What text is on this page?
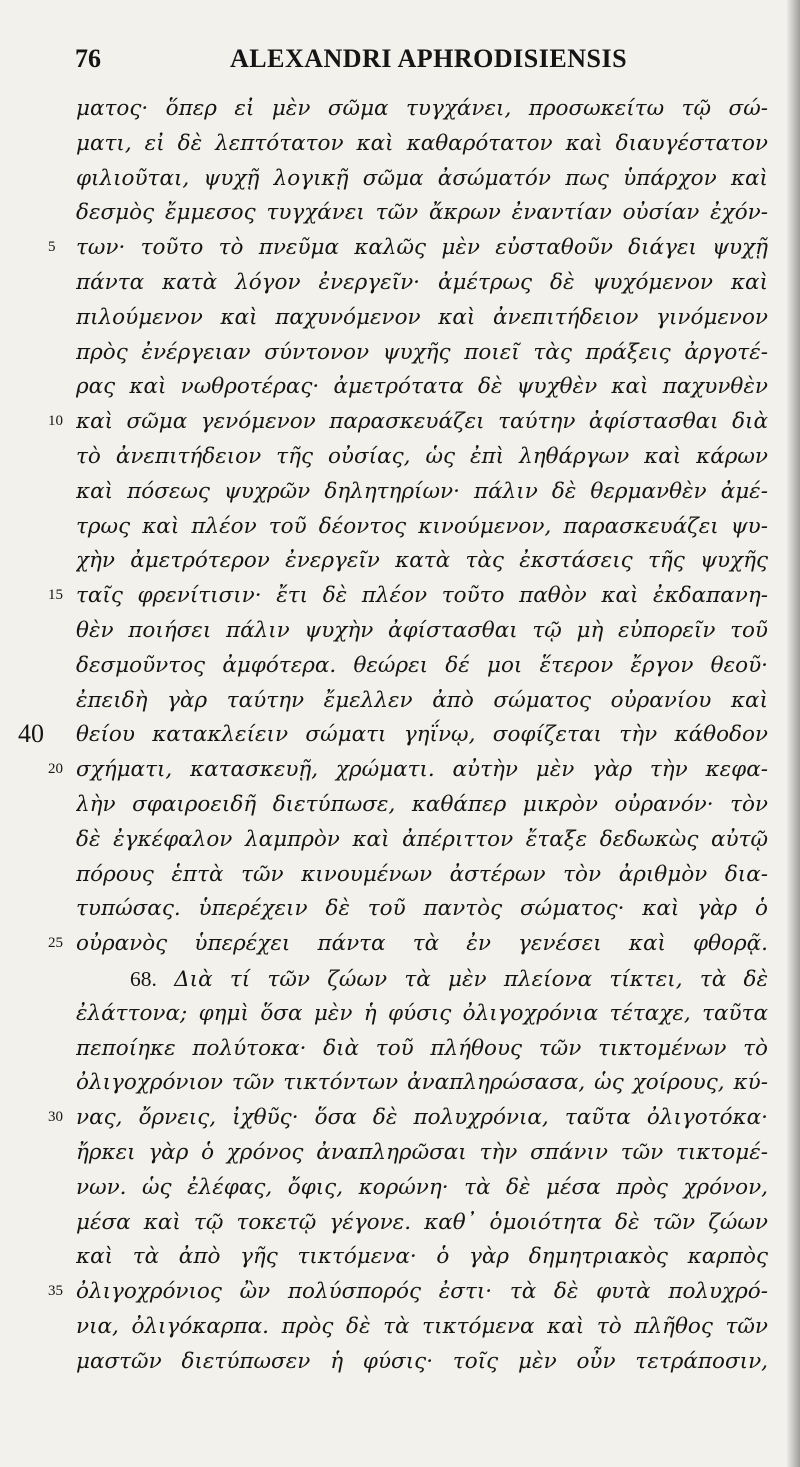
76	ALEXANDRI APHRODISIENSIS
ματος· ὅπερ εἰ μὲν σῶμα τυγχάνει, προσωκείτω τῷ σώ-
ματι, εἰ δὲ λεπτότατον καὶ καθαρότατον καὶ διαυγέστατον
φιλιοῦται, ψυχῇ λογικῇ σῶμα ἀσώματόν πως ὑπάρχον καὶ
δεσμὸς ἔμμεσος τυγχάνει τῶν ἄκρων ἐναντίαν οὐσίαν ἐχόν-
5 των· τοῦτο τὸ πνεῦμα καλῶς μὲν εὐσταθοῦν διάγει ψυχῇ
πάντα κατὰ λόγον ἐνεργεῖν· ἀμέτρως δὲ ψυχόμενον καὶ
πιλούμενον καὶ παχυνόμενον καὶ ἀνεπιτήδειον γινόμενον
πρὸς ἐνέργειαν σύντονον ψυχῆς ποιεῖ τὰς πράξεις ἀργοτέ-
ρας καὶ νωθροτέρας· ἀμετρότατα δὲ ψυχθὲν καὶ παχυνθὲν
10 καὶ σῶμα γενόμενον παρασκευάζει ταύτην ἀφίστασθαι διὰ
τὸ ἀνεπιτήδειον τῆς οὐσίας, ὡς ἐπὶ ληθάργων καὶ κάρων
καὶ πόσεως ψυχρῶν δηλητηρίων· πάλιν δὲ θερμανθὲν ἀμέ-
τρως καὶ πλέον τοῦ δέοντος κινούμενον, παρασκευάζει ψυ-
χὴν ἀμετρότερον ἐνεργεῖν κατὰ τὰς ἐκστάσεις τῆς ψυχῆς
15 ταῖς φρενίτισιν· ἔτι δὲ πλέον τοῦτο παθὸν καὶ ἐκδαπανη-
θὲν ποιήσει πάλιν ψυχὴν ἀφίστασθαι τῷ μὴ εὐπορεῖν τοῦ
δεσμοῦντος ἀμφότερα. θεώρει δέ μοι ἕτερον ἔργον θεοῦ·
ἐπειδὴ γὰρ ταύτην ἔμελλεν ἀπὸ σώματος οὐρανίου καὶ
40 θείου κατακλείειν σώματι γηΐνῳ, σοφίζεται τὴν κάθοδον
20 σχήματι, κατασκευῇ, χρώματι. αὐτὴν μὲν γὰρ τὴν κεφα-
λὴν σφαιροειδῆ διετύπωσε, καθάπερ μικρὸν οὐρανόν· τὸν
δὲ ἐγκέφαλον λαμπρὸν καὶ ἀπέριττον ἔταξε δεδωκὼς αὐτῷ
πόρους ἑπτὰ τῶν κινουμένων ἀστέρων τὸν ἀριθμὸν δια-
τυπώσας. ὑπερέχειν δὲ τοῦ παντὸς σώματος· καὶ γὰρ ὁ
25 οὐρανὸς ὑπερέχει πάντα τὰ ἐν γενέσει καὶ φθορᾷ.
68. Διὰ τί τῶν ζώων τὰ μὲν πλείονα τίκτει, τὰ δὲ
ἐλάττονα; φημὶ ὅσα μὲν ἡ φύσις ὀλιγοχρόνια τέταχε, ταῦτα
πεποίηκε πολύτοκα· διὰ τοῦ πλήθους τῶν τικτομένων τὸ
ὀλιγοχρόνιον τῶν τικτόντων ἀναπληρώσασα, ὡς χοίρους, κύ-
30 νας, ὄρνεις, ἰχθῦς· ὅσα δὲ πολυχρόνια, ταῦτα ὀλιγοτόκα·
ἤρκει γὰρ ὁ χρόνος ἀναπληρῶσαι τὴν σπάνιν τῶν τικτομέ-
νων. ὡς ἐλέφας, ὄφις, κορώνη· τὰ δὲ μέσα πρὸς χρόνον,
μέσα καὶ τῷ τοκετῷ γέγονε. καθ᾽ ὁμοιότητα δὲ τῶν ζώων
καὶ τὰ ἀπὸ γῆς τικτόμενα· ὁ γὰρ δημητριακὸς καρπὸς
35 ὀλιγοχρόνιος ὢν πολύσπορός ἐστι· τὰ δὲ φυτὰ πολυχρό-
νια, ὀλιγόκαρπα. πρὸς δὲ τὰ τικτόμενα καὶ τὸ πλῆθος τῶν
μαστῶν διετύπωσεν ἡ φύσις· τοῖς μὲν οὖν τετράποσιν,
